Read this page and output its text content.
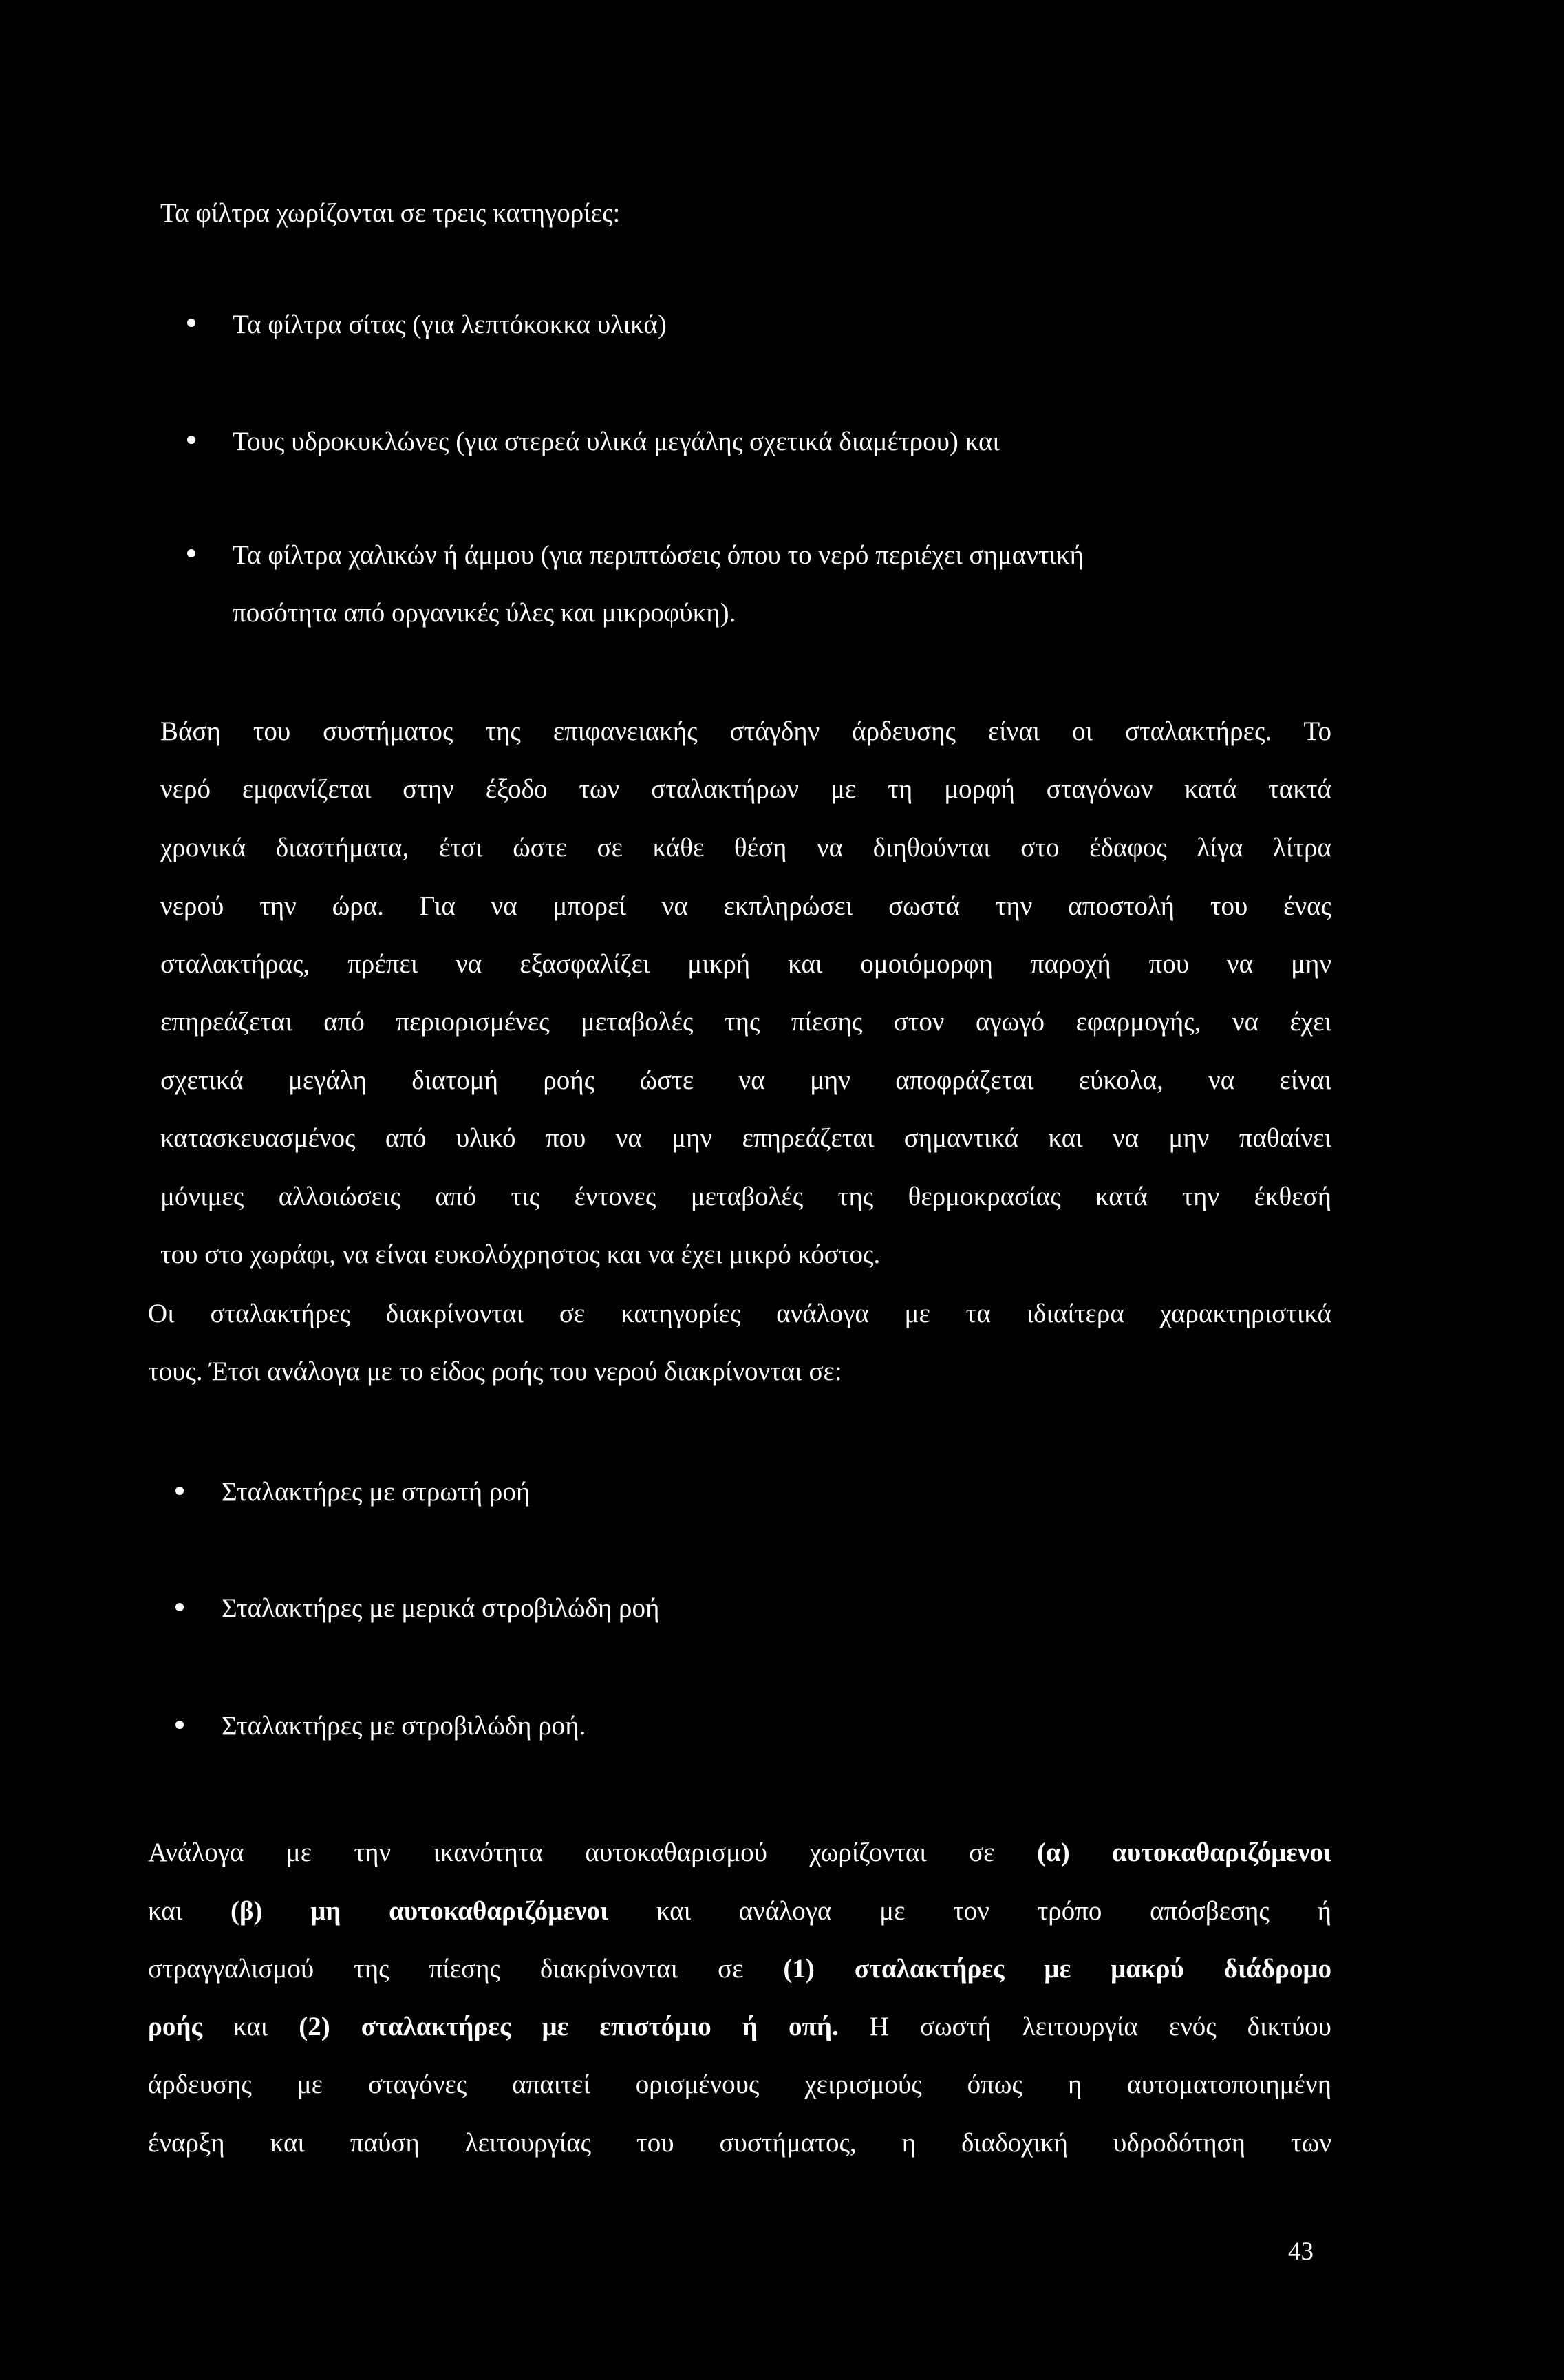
Τα φίλτρα χωρίζονται σε τρεις κατηγορίες:
Τα φίλτρα σίτας (για λεπτόκοκκα υλικά)
Τους υδροκυκλώνες (για στερεά υλικά μεγάλης σχετικά διαμέτρου) και
Τα φίλτρα χαλικών ή άμμου (για περιπτώσεις όπου το νερό περιέχει σημαντική
ποσότητα από οργανικές ύλες και μικροφύκη).
Βάση του συστήματος της επιφανειακής στάγδην άρδευσης είναι οι σταλακτήρες. Το
νερό εμφανίζεται στην έξοδο των σταλακτήρων με τη μορφή σταγόνων κατά τακτά
χρονικά διαστήματα, έτσι ώστε σε κάθε θέση να διηθούνται στο έδαφος λίγα λίτρα
νερού την ώρα. Για να μπορεί να εκπληρώσει σωστά την αποστολή του ένας
σταλακτήρας, πρέπει να εξασφαλίζει μικρή και ομοιόμορφη παροχή που να μην
επηρεάζεται από περιορισμένες μεταβολές της πίεσης στον αγωγό εφαρμογής, να έχει
σχετικά μεγάλη διατομή ροής ώστε να μην αποφράζεται εύκολα, να είναι
κατασκευασμένος από υλικό που να μην επηρεάζεται σημαντικά και να μην παθαίνει
μόνιμες αλλοιώσεις από τις έντονες μεταβολές της θερμοκρασίας κατά την έκθεσή
του στο χωράφι, να είναι ευκολόχρηστος και να έχει μικρό κόστος.
Οι σταλακτήρες διακρίνονται σε κατηγορίες ανάλογα με τα ιδιαίτερα χαρακτηριστικά
τους. Έτσι ανάλογα με το είδος ροής του νερού διακρίνονται σε:
Σταλακτήρες με στρωτή ροή
Σταλακτήρες με μερικά στροβιλώδη ροή
Σταλακτήρες με στροβιλώδη ροή.
Ανάλογα με την ικανότητα αυτοκαθαρισμού χωρίζονται σε (α) αυτοκαθαριζόμενοι
και (β) μη αυτοκαθαριζόμενοι και ανάλογα με τον τρόπο απόσβεσης ή
στραγγαλισμού της πίεσης διακρίνονται σε (1) σταλακτήρες με μακρύ διάδρομο
ροής και (2) σταλακτήρες με επιστόμιο ή οπή. Η σωστή λειτουργία ενός δικτύου
άρδευσης με σταγόνες απαιτεί ορισμένους χειρισμούς όπως η αυτοματοποιημένη
έναρξη και παύση λειτουργίας του συστήματος, η διαδοχική υδροδότηση των
43
